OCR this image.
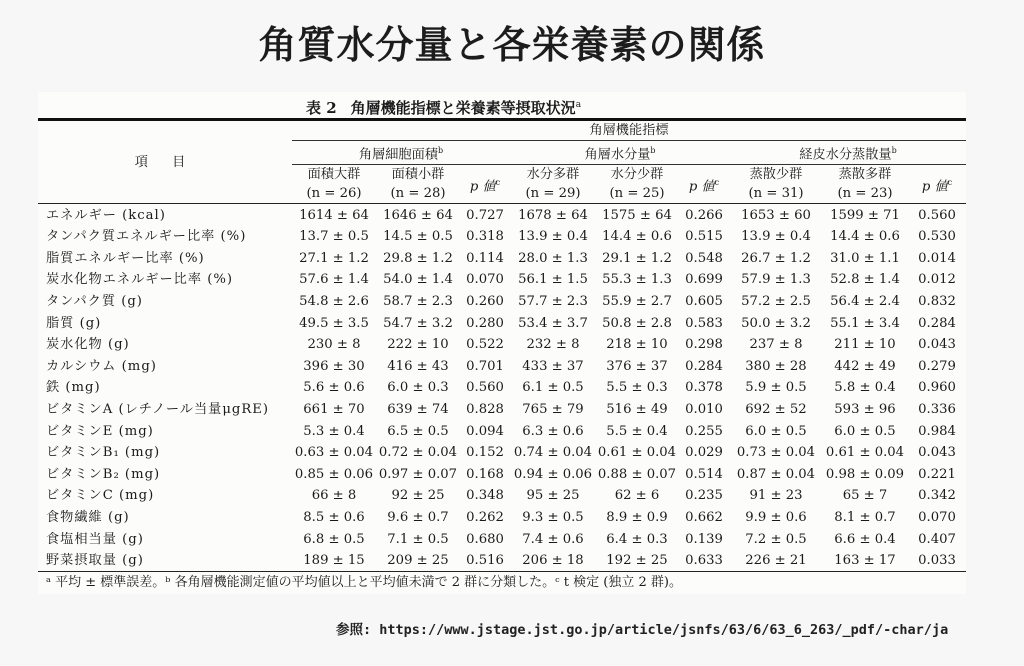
角質水分量と各栄養素の関係
表 2 角層機能指標と栄養素等摂取状況$^a$
項 目	角層機能指標								
	角層細胞面積$^b$			角層水分量$^b$			経皮水分蒸散量$^b$
	面積大群	面積小群	p 値$^c$	水分多群	水分少群	p 値$^c$	蒸散少群	蒸散多群	p 値$^c$
	(n = 26)	(n = 28)		(n = 29)	(n = 25)		(n = 31)	(n = 23)	
エネルギー (kcal)	1614 ± 64	1646 ± 64	0.727	1678 ± 64	1575 ± 64	0.266	1653 ± 60	1599 ± 71	0.560
タンパク質エネルギー比率 (%)	13.7 ± 0.5	14.5 ± 0.5	0.318	13.9 ± 0.4	14.4 ± 0.6	0.515	13.9 ± 0.4	14.4 ± 0.6	0.530
脂質エネルギー比率 (%)	27.1 ± 1.2	29.8 ± 1.2	0.114	28.0 ± 1.3	29.1 ± 1.2	0.548	26.7 ± 1.2	31.0 ± 1.1	0.014
炭水化物エネルギー比率 (%)	57.6 ± 1.4	54.0 ± 1.4	0.070	56.1 ± 1.5	55.3 ± 1.3	0.699	57.9 ± 1.3	52.8 ± 1.4	0.012
タンパク質 (g)	54.8 ± 2.6	58.7 ± 2.3	0.260	57.7 ± 2.3	55.9 ± 2.7	0.605	57.2 ± 2.5	56.4 ± 2.4	0.832
脂質 (g)	49.5 ± 3.5	54.7 ± 3.2	0.280	53.4 ± 3.7	50.8 ± 2.8	0.583	50.0 ± 3.2	55.1 ± 3.4	0.284
炭水化物 (g)	230 ± 8	222 ± 10	0.522	232 ± 8	218 ± 10	0.298	237 ± 8	211 ± 10	0.043
カルシウム (mg)	396 ± 30	416 ± 43	0.701	433 ± 37	376 ± 37	0.284	380 ± 28	442 ± 49	0.279
鉄 (mg)	5.6 ± 0.6	6.0 ± 0.3	0.560	6.1 ± 0.5	5.5 ± 0.3	0.378	5.9 ± 0.5	5.8 ± 0.4	0.960
ビタミンA (レチノール当量μgRE)	661 ± 70	639 ± 74	0.828	765 ± 79	516 ± 49	0.010	692 ± 52	593 ± 96	0.336
ビタミンE (mg)	5.3 ± 0.4	6.5 ± 0.5	0.094	6.3 ± 0.6	5.5 ± 0.4	0.255	6.0 ± 0.5	6.0 ± 0.5	0.984
ビタミンB₁ (mg)	0.63 ± 0.04	0.72 ± 0.04	0.152	0.74 ± 0.04	0.61 ± 0.04	0.029	0.73 ± 0.04	0.61 ± 0.04	0.043
ビタミンB₂ (mg)	0.85 ± 0.06	0.97 ± 0.07	0.168	0.94 ± 0.06	0.88 ± 0.07	0.514	0.87 ± 0.04	0.98 ± 0.09	0.221
ビタミンC (mg)	66 ± 8	92 ± 25	0.348	95 ± 25	62 ± 6	0.235	91 ± 23	65 ± 7	0.342
食物繊維 (g)	8.5 ± 0.6	9.6 ± 0.7	0.262	9.3 ± 0.5	8.9 ± 0.9	0.662	9.9 ± 0.6	8.1 ± 0.7	0.070
食塩相当量 (g)	6.8 ± 0.5	7.1 ± 0.5	0.680	7.4 ± 0.6	6.4 ± 0.3	0.139	7.2 ± 0.5	6.6 ± 0.4	0.407
野菜摂取量 (g)	189 ± 15	209 ± 25	0.516	206 ± 18	192 ± 25	0.633	226 ± 21	163 ± 17	0.033
ᵃ 平均 ± 標準誤差。ᵇ 各角層機能測定値の平均値以上と平均値未満で 2 群に分類した。ᶜ t 検定 (独立 2 群)。
参照: https://www.jstage.jst.go.jp/article/jsnfs/63/6/63_6_263/_pdf/-char/ja
